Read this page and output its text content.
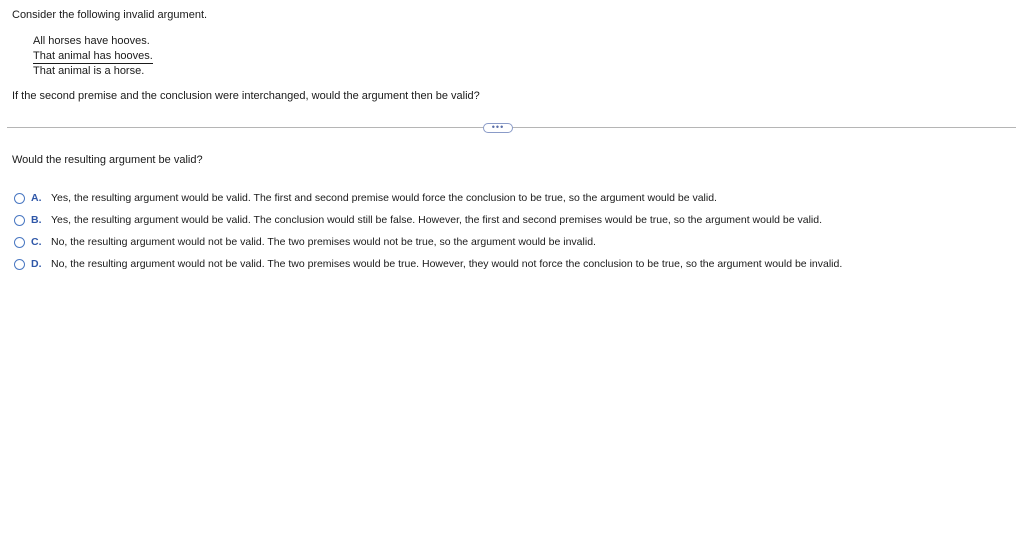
Consider the following invalid argument.
All horses have hooves.
That animal has hooves.
That animal is a horse.
If the second premise and the conclusion were interchanged, would the argument then be valid?
•••
Would the resulting argument be valid?
A. Yes, the resulting argument would be valid. The first and second premise would force the conclusion to be true, so the argument would be valid.
B. Yes, the resulting argument would be valid. The conclusion would still be false. However, the first and second premises would be true, so the argument would be valid.
C. No, the resulting argument would not be valid. The two premises would not be true, so the argument would be invalid.
D. No, the resulting argument would not be valid. The two premises would be true. However, they would not force the conclusion to be true, so the argument would be invalid.
